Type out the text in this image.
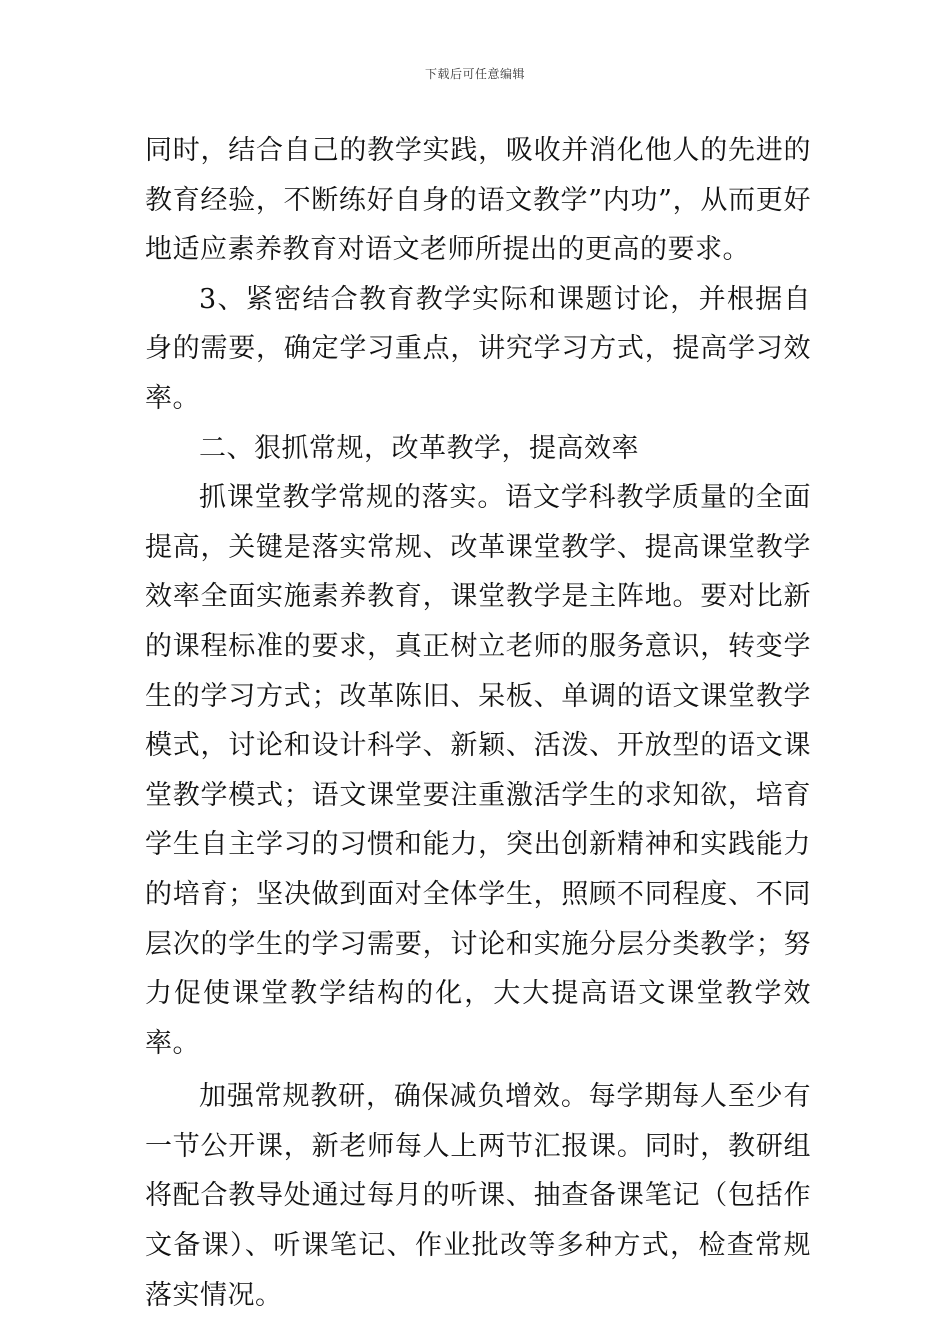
下载后可任意编辑

同时，结合自己的教学实践，吸收并消化他人的先进的教育经验，不断练好自身的语文教学”内功”，从而更好地适应素养教育对语文老师所提出的更高的要求。

3、紧密结合教育教学实际和课题讨论，并根据自身的需要，确定学习重点，讲究学习方式，提高学习效率。

二、狠抓常规，改革教学，提高效率

抓课堂教学常规的落实。语文学科教学质量的全面提高，关键是落实常规、改革课堂教学、提高课堂教学效率全面实施素养教育，课堂教学是主阵地。要对比新的课程标准的要求，真正树立老师的服务意识，转变学生的学习方式；改革陈旧、呆板、单调的语文课堂教学模式，讨论和设计科学、新颖、活泼、开放型的语文课堂教学模式；语文课堂要注重激活学生的求知欲，培育学生自主学习的习惯和能力，突出创新精神和实践能力的培育；坚决做到面对全体学生，照顾不同程度、不同层次的学生的学习需要，讨论和实施分层分类教学；努力促使课堂教学结构的化，大大提高语文课堂教学效率。

加强常规教研，确保减负增效。每学期每人至少有一节公开课，新老师每人上两节汇报课。同时，教研组将配合教导处通过每月的听课、抽查备课笔记（包括作文备课）、听课笔记、作业批改等多种方式，检查常规落实情况。
